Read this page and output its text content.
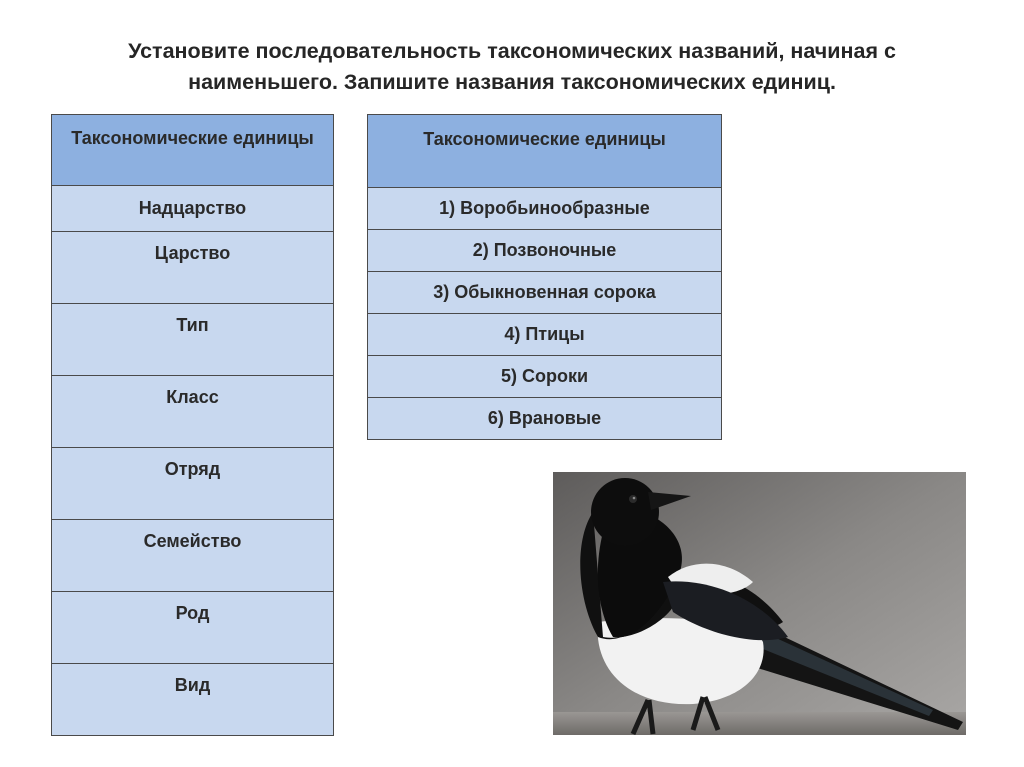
Установите последовательность таксономических названий, начиная с
наименьшего. Запишите названия таксономических единиц.
Таксономические единицы
Надцарство
Царство
Тип
Класс
Отряд
Семейство
Род
Вид
Таксономические единицы
1) Воробьинообразные
2) Позвоночные
3) Обыкновенная сорока
4) Птицы
5) Сороки
6) Врановые
